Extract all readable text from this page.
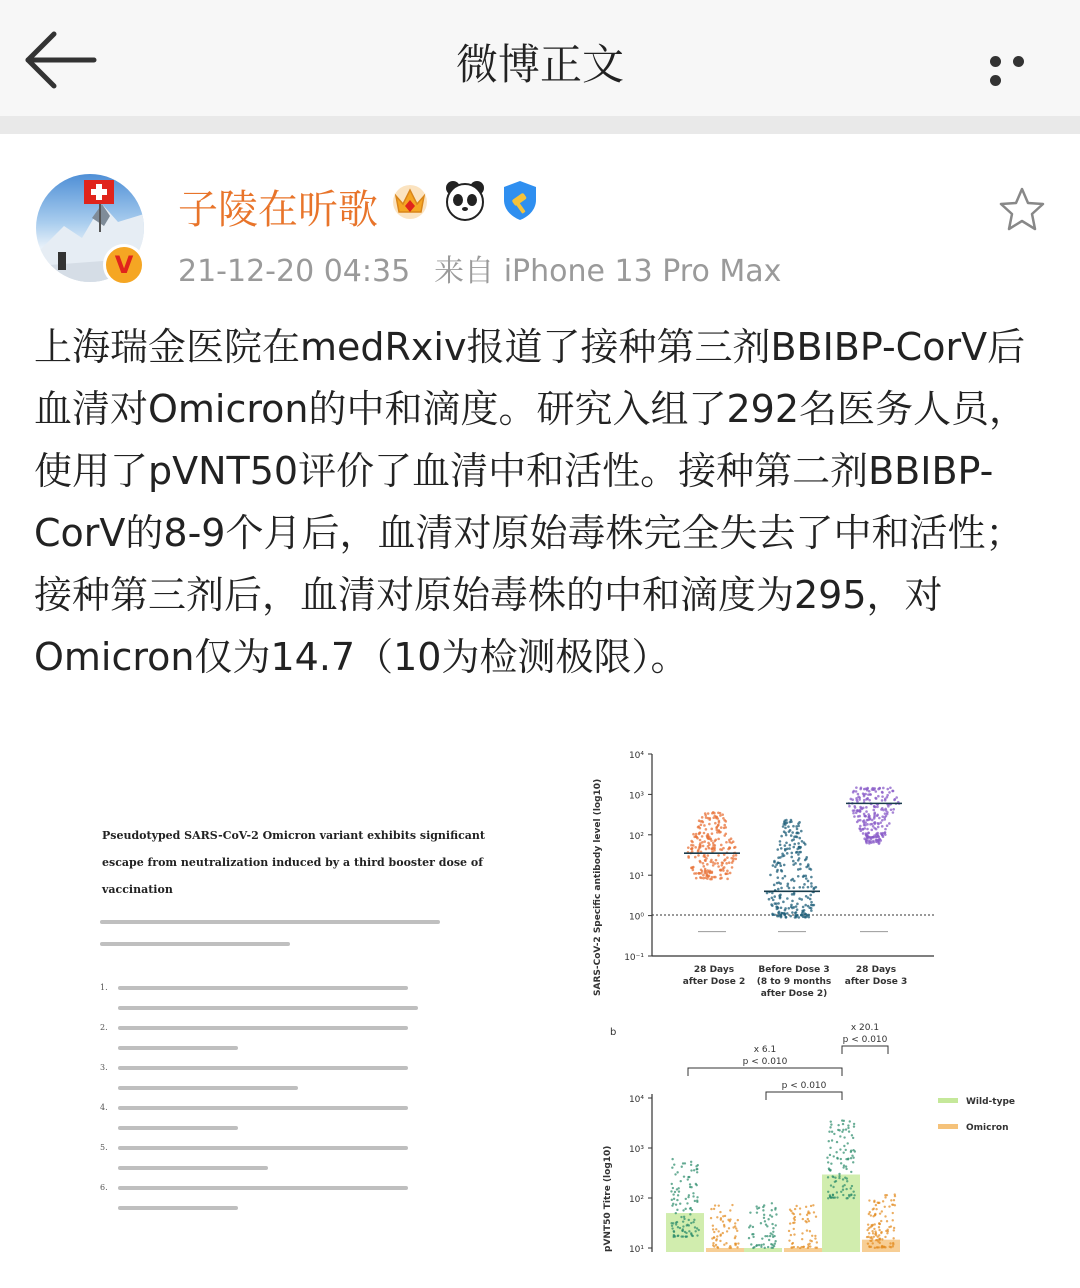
微博正文
V
子陵在听歌

21-12-20 04:35 来自 iPhone 13 Pro Max
上海瑞金医院在medRxiv报道了接种第三剂BBIBP-CorV后血清对Omicron的中和滴度。研究入组了292名医务人员，使用了pVNT50评价了血清中和活性。接种第二剂BBIBP-CorV的8-9个月后，血清对原始毒株完全失去了中和活性；接种第三剂后，血清对原始毒株的中和滴度为295，对Omicron仅为14.7（10为检测极限）。
Pseudotyped SARS-CoV-2 Omicron variant exhibits significant escape from neutralization induced by a third booster dose of vaccination
1.
2.
3.
4.
5.
6.
SARS-CoV-2 Specific antibody level (log10) 10⁻¹
10⁰
10¹
10²
10³
10⁴
28 Days
after Dose 2
Before Dose 3
(8 to 9 months
after Dose 2)
28 Days
after Dose 3
b
pVNT50 Titre (log10)
10⁴
10³
10²
10¹
x 6.1
p < 0.010
p < 0.010
x 20.1
p < 0.010
Wild-type
Omicron
